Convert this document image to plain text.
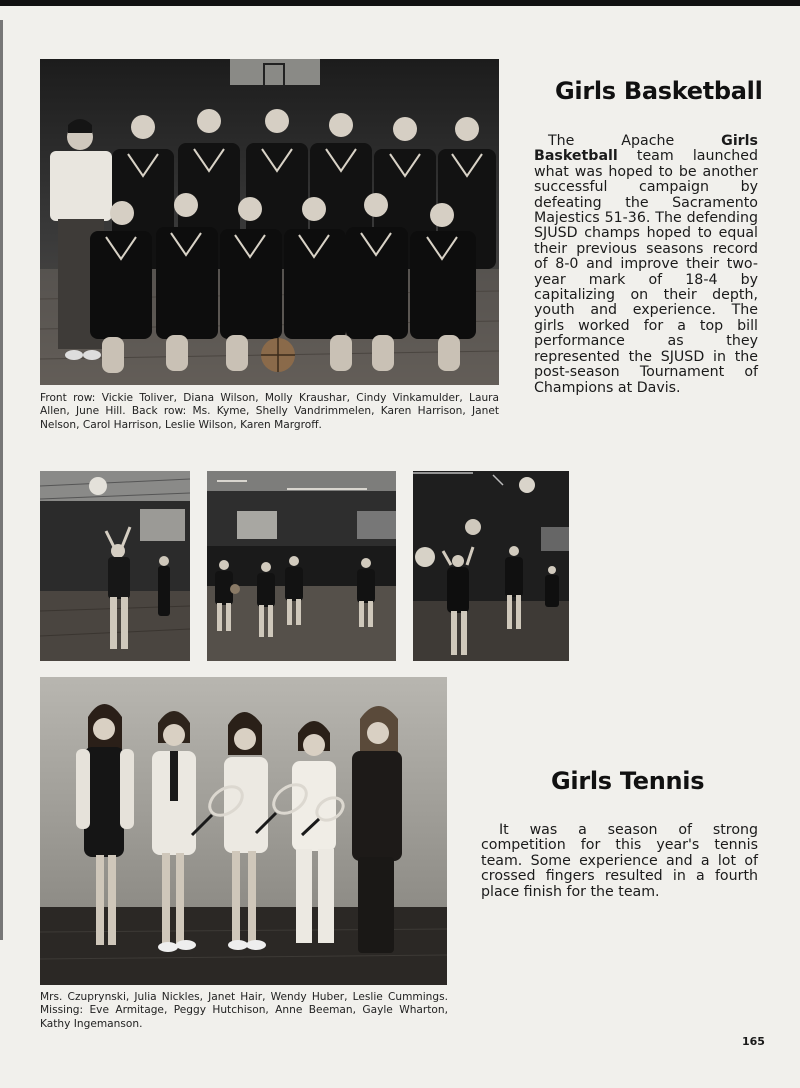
Girls Basketball

The Apache Girls Basketball team launched what was hoped to be another successful campaign by defeating the Sacramento Majestics 51-36. The defending SJUSD champs hoped to equal their previous seasons record of 8-0 and improve their two-year mark of 18-4 by capitalizing on their depth, youth and experience. The girls worked for a top bill performance as they represented the SJUSD in the post-season Tournament of Champions at Davis.

Front row: Vickie Toliver, Diana Wilson, Molly Kraushar, Cindy Vinkamulder, Laura Allen, June Hill. Back row: Ms. Kyme, Shelly Vandrimmelen, Karen Harrison, Janet Nelson, Carol Harrison, Leslie Wilson, Karen Margroff.

Girls Tennis

It was a season of strong competition for this year's tennis team. Some experience and a lot of crossed fingers resulted in a fourth place finish for the team.

Mrs. Czuprynski, Julia Nickles, Janet Hair, Wendy Huber, Leslie Cummings. Missing: Eve Armitage, Peggy Hutchison, Anne Beeman, Gayle Wharton, Kathy Ingemanson.

165
